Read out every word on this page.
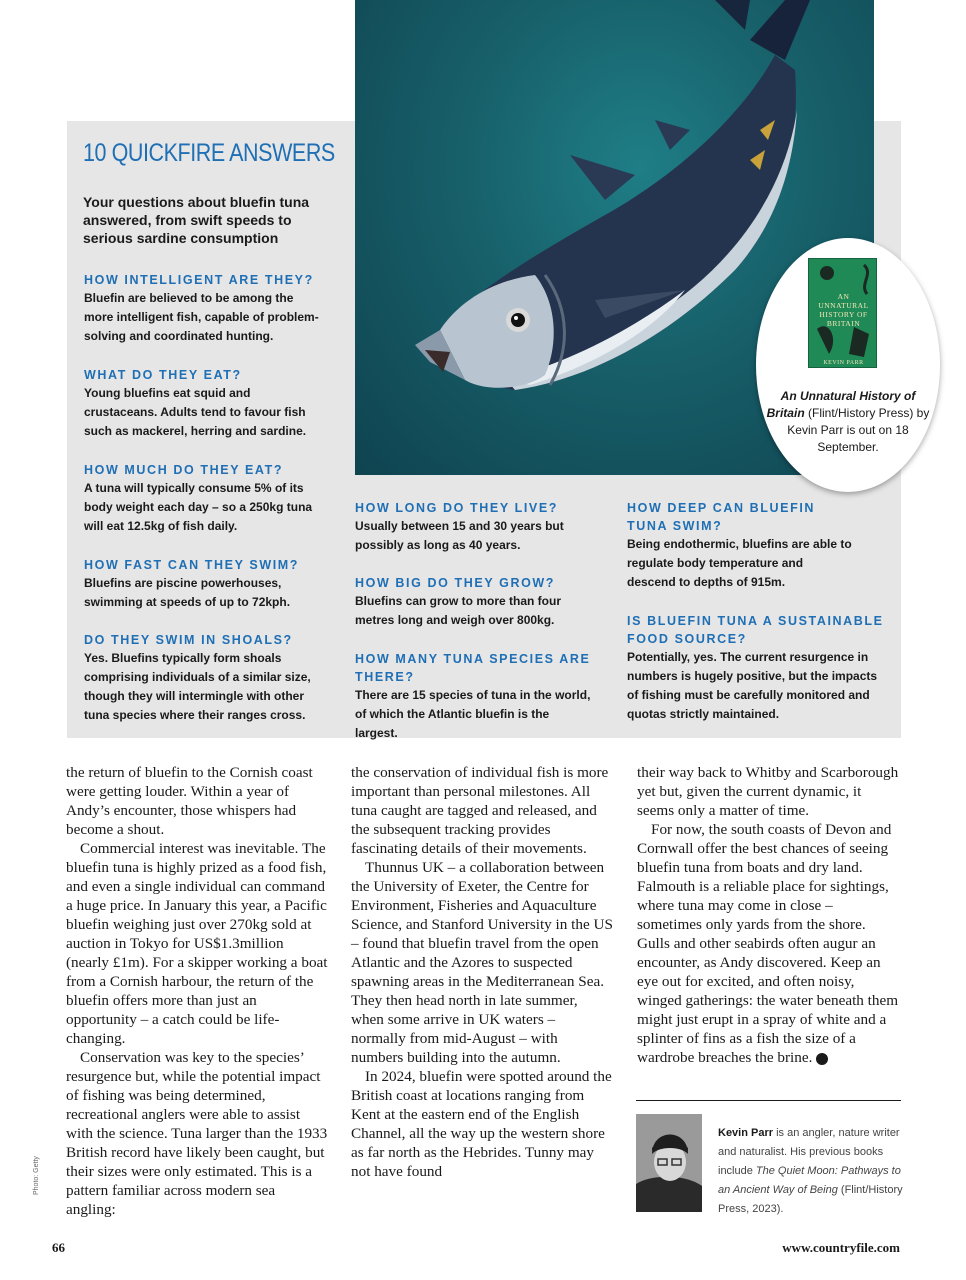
10 QUICKFIRE ANSWERS
Your questions about bluefin tuna answered, from swift speeds to serious sardine consumption
HOW INTELLIGENT ARE THEY?
Bluefin are believed to be among the more intelligent fish, capable of problem-solving and coordinated hunting.
WHAT DO THEY EAT?
Young bluefins eat squid and crustaceans. Adults tend to favour fish such as mackerel, herring and sardine.
HOW MUCH DO THEY EAT?
A tuna will typically consume 5% of its body weight each day – so a 250kg tuna will eat 12.5kg of fish daily.
HOW FAST CAN THEY SWIM?
Bluefins are piscine powerhouses, swimming at speeds of up to 72kph.
DO THEY SWIM IN SHOALS?
Yes. Bluefins typically form shoals comprising individuals of a similar size, though they will intermingle with other tuna species where their ranges cross.
HOW LONG DO THEY LIVE?
Usually between 15 and 30 years but possibly as long as 40 years.
HOW BIG DO THEY GROW?
Bluefins can grow to more than four metres long and weigh over 800kg.
HOW MANY TUNA SPECIES ARE THERE?
There are 15 species of tuna in the world, of which the Atlantic bluefin is the largest.
HOW DEEP CAN BLUEFIN TUNA SWIM?
Being endothermic, bluefins are able to regulate body temperature and descend to depths of 915m.
IS BLUEFIN TUNA A SUSTAINABLE FOOD SOURCE?
Potentially, yes. The current resurgence in numbers is hugely positive, but the impacts of fishing must be carefully monitored and quotas strictly maintained.
AN
UNNATURAL
HISTORY OF
BRITAIN
KEVIN PARR
An Unnatural History of Britain (Flint/History Press) by Kevin Parr is out on 18 September.

the return of bluefin to the Cornish coast were getting louder. Within a year of Andy’s encounter, those whispers had become a shout.

Commercial interest was inevitable. The bluefin tuna is highly prized as a food fish, and even a single individual can command a huge price. In January this year, a Pacific bluefin weighing just over 270kg sold at auction in Tokyo for US$1.3million (nearly £1m). For a skipper working a boat from a Cornish harbour, the return of the bluefin offers more than just an opportunity – a catch could be life-changing.

Conservation was key to the species’ resurgence but, while the potential impact of fishing was being determined, recreational anglers were able to assist with the science. Tuna larger than the 1933 British record have likely been caught, but their sizes were only estimated. This is a pattern familiar across modern sea angling:

the conservation of individual fish is more important than personal milestones. All tuna caught are tagged and released, and the subsequent tracking provides fascinating details of their movements.

Thunnus UK – a collaboration between the University of Exeter, the Centre for Environment, Fisheries and Aquaculture Science, and Stanford University in the US – found that bluefin travel from the open Atlantic and the Azores to suspected spawning areas in the Mediterranean Sea. They then head north in late summer, when some arrive in UK waters – normally from mid-August – with numbers building into the autumn.

In 2024, bluefin were spotted around the British coast at locations ranging from Kent at the eastern end of the English Channel, all the way up the western shore as far north as the Hebrides. Tunny may not have found

their way back to Whitby and Scarborough yet but, given the current dynamic, it seems only a matter of time.

For now, the south coasts of Devon and Cornwall offer the best chances of seeing bluefin tuna from boats and dry land. Falmouth is a reliable place for sightings, where tuna may come in close – sometimes only yards from the shore. Gulls and other seabirds often augur an encounter, as Andy discovered. Keep an eye out for excited, and often noisy, winged gatherings: the water beneath them might just erupt in a spray of white and a splinter of fins as a fish the size of a wardrobe breaches the brine. C

Kevin Parr is an angler, nature writer and naturalist. His previous books include The Quiet Moon: Pathways to an Ancient Way of Being (Flint/History Press, 2023).
Photo: Getty
66	www.countryfile.com
